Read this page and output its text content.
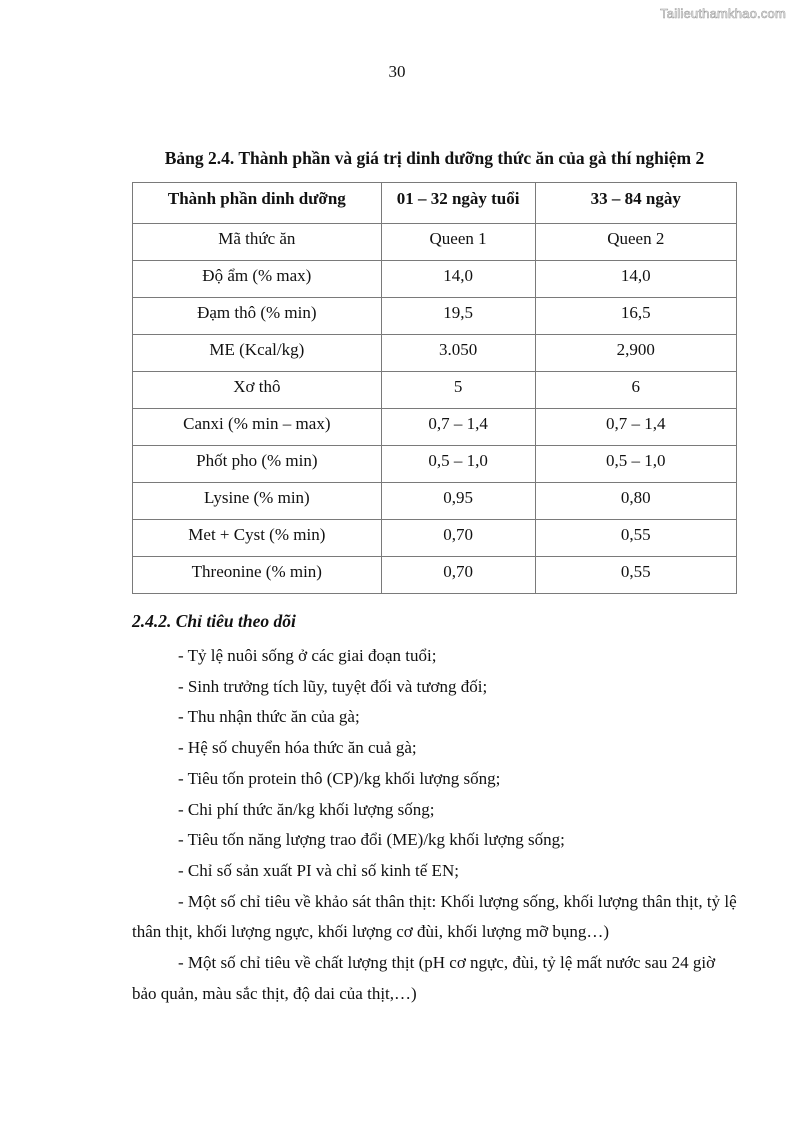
Tailieuthamkhao.com
30
Bảng 2.4. Thành phần và giá trị dinh dưỡng thức ăn của gà thí nghiệm 2
Thành phần dinh dưỡng	01 – 32 ngày tuổi	33 – 84 ngày
Mã thức ăn	Queen 1	Queen 2
Độ ẩm (% max)	14,0	14,0
Đạm thô (% min)	19,5	16,5
ME (Kcal/kg)	3.050	2,900
Xơ thô	5	6
Canxi (% min – max)	0,7 – 1,4	0,7 – 1,4
Phốt pho (% min)	0,5 – 1,0	0,5 – 1,0
Lysine (% min)	0,95	0,80
Met + Cyst (% min)	0,70	0,55
Threonine (% min)	0,70	0,55
2.4.2. Chỉ tiêu theo dõi
- Tỷ lệ nuôi sống ở các giai đoạn tuổi;
- Sinh trưởng tích lũy, tuyệt đối và tương đối;
- Thu nhận thức ăn của gà;
- Hệ số chuyển hóa thức ăn cuả gà;
- Tiêu tốn protein thô (CP)/kg khối lượng sống;
- Chi phí thức ăn/kg khối lượng sống;
- Tiêu tốn năng lượng trao đổi (ME)/kg khối lượng sống;
- Chỉ số sản xuất PI và chỉ số kinh tế EN;
- Một số chỉ tiêu về khảo sát thân thịt: Khối lượng sống, khối lượng thân thịt, tỷ lệ thân thịt, khối lượng ngực, khối lượng cơ đùi, khối lượng mỡ bụng…)
- Một số chỉ tiêu về chất lượng thịt (pH cơ ngực, đùi, tỷ lệ mất nước sau 24 giờ bảo quản, màu sắc thịt, độ dai của thịt,…)
